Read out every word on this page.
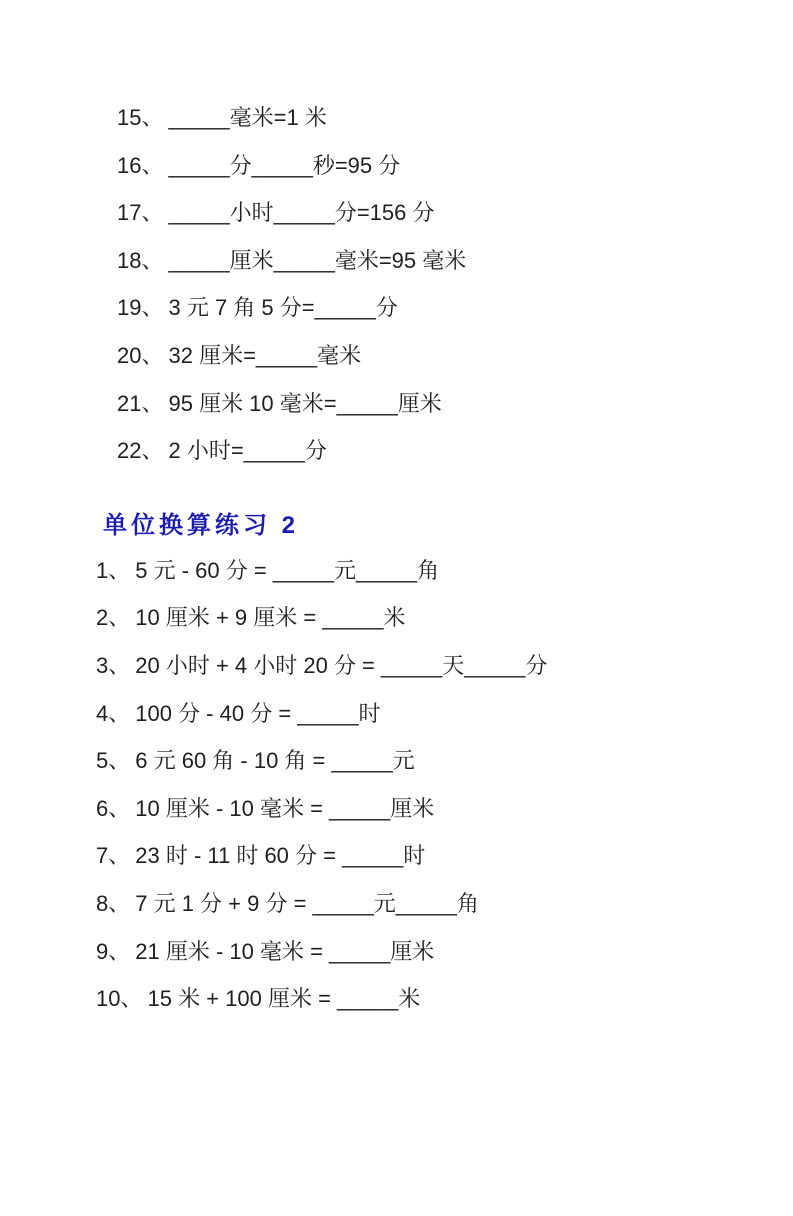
15、 _____毫米=1 米
16、 _____分_____秒=95 分
17、 _____小时_____分=156 分
18、 _____厘米_____毫米=95 毫米
19、 3 元 7 角 5 分=_____分
20、 32 厘米=_____毫米
21、 95 厘米 10 毫米=_____厘米
22、 2 小时=_____分
单位换算练习 2
1、 5 元 - 60 分 = _____元_____角
2、 10 厘米 + 9 厘米 = _____米
3、 20 小时 + 4 小时 20 分 = _____天_____分
4、 100 分 - 40 分 = _____时
5、 6 元 60 角 - 10 角 = _____元
6、 10 厘米 - 10 毫米 = _____厘米
7、 23 时 - 11 时 60 分 = _____时
8、 7 元 1 分 + 9 分 = _____元_____角
9、 21 厘米 - 10 毫米 = _____厘米
10、 15 米 + 100 厘米 = _____米
